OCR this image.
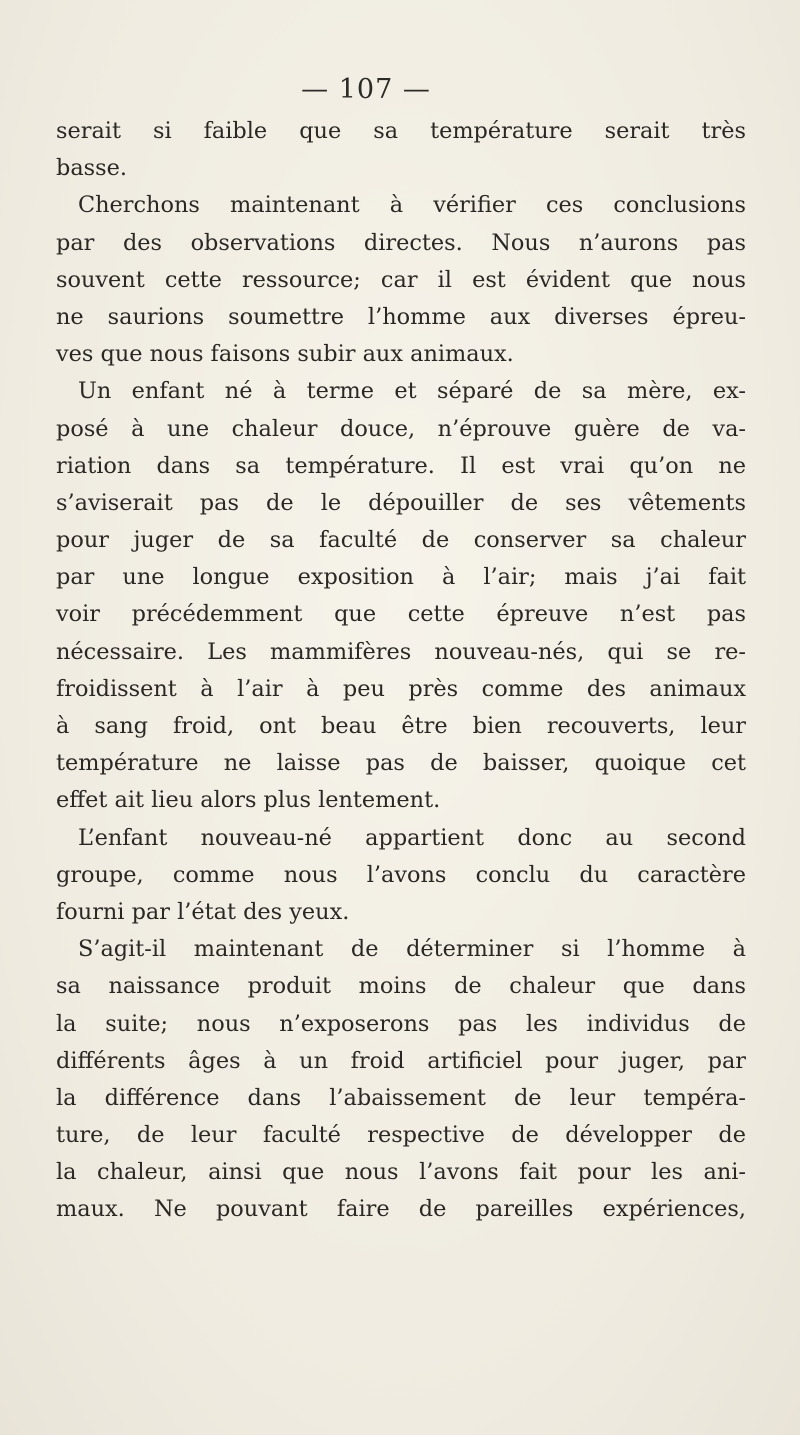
— 107 —
serait si faible que sa température serait très
basse.
Cherchons maintenant à vérifier ces conclusions
par des observations directes. Nous n’aurons pas
souvent cette ressource; car il est évident que nous
ne saurions soumettre l’homme aux diverses épreu-
ves que nous faisons subir aux animaux.
Un enfant né à terme et séparé de sa mère, ex-
posé à une chaleur douce, n’éprouve guère de va-
riation dans sa température. Il est vrai qu’on ne
s’aviserait pas de le dépouiller de ses vêtements
pour juger de sa faculté de conserver sa chaleur
par une longue exposition à l’air; mais j’ai fait
voir précédemment que cette épreuve n’est pas
nécessaire. Les mammifères nouveau-nés, qui se re-
froidissent à l’air à peu près comme des animaux
à sang froid, ont beau être bien recouverts, leur
température ne laisse pas de baisser, quoique cet
effet ait lieu alors plus lentement.
L’enfant nouveau-né appartient donc au second
groupe, comme nous l’avons conclu du caractère
fourni par l’état des yeux.
S’agit-il maintenant de déterminer si l’homme à
sa naissance produit moins de chaleur que dans
la suite; nous n’exposerons pas les individus de
différents âges à un froid artificiel pour juger, par
la différence dans l’abaissement de leur tempéra-
ture, de leur faculté respective de développer de
la chaleur, ainsi que nous l’avons fait pour les ani-
maux. Ne pouvant faire de pareilles expériences,
